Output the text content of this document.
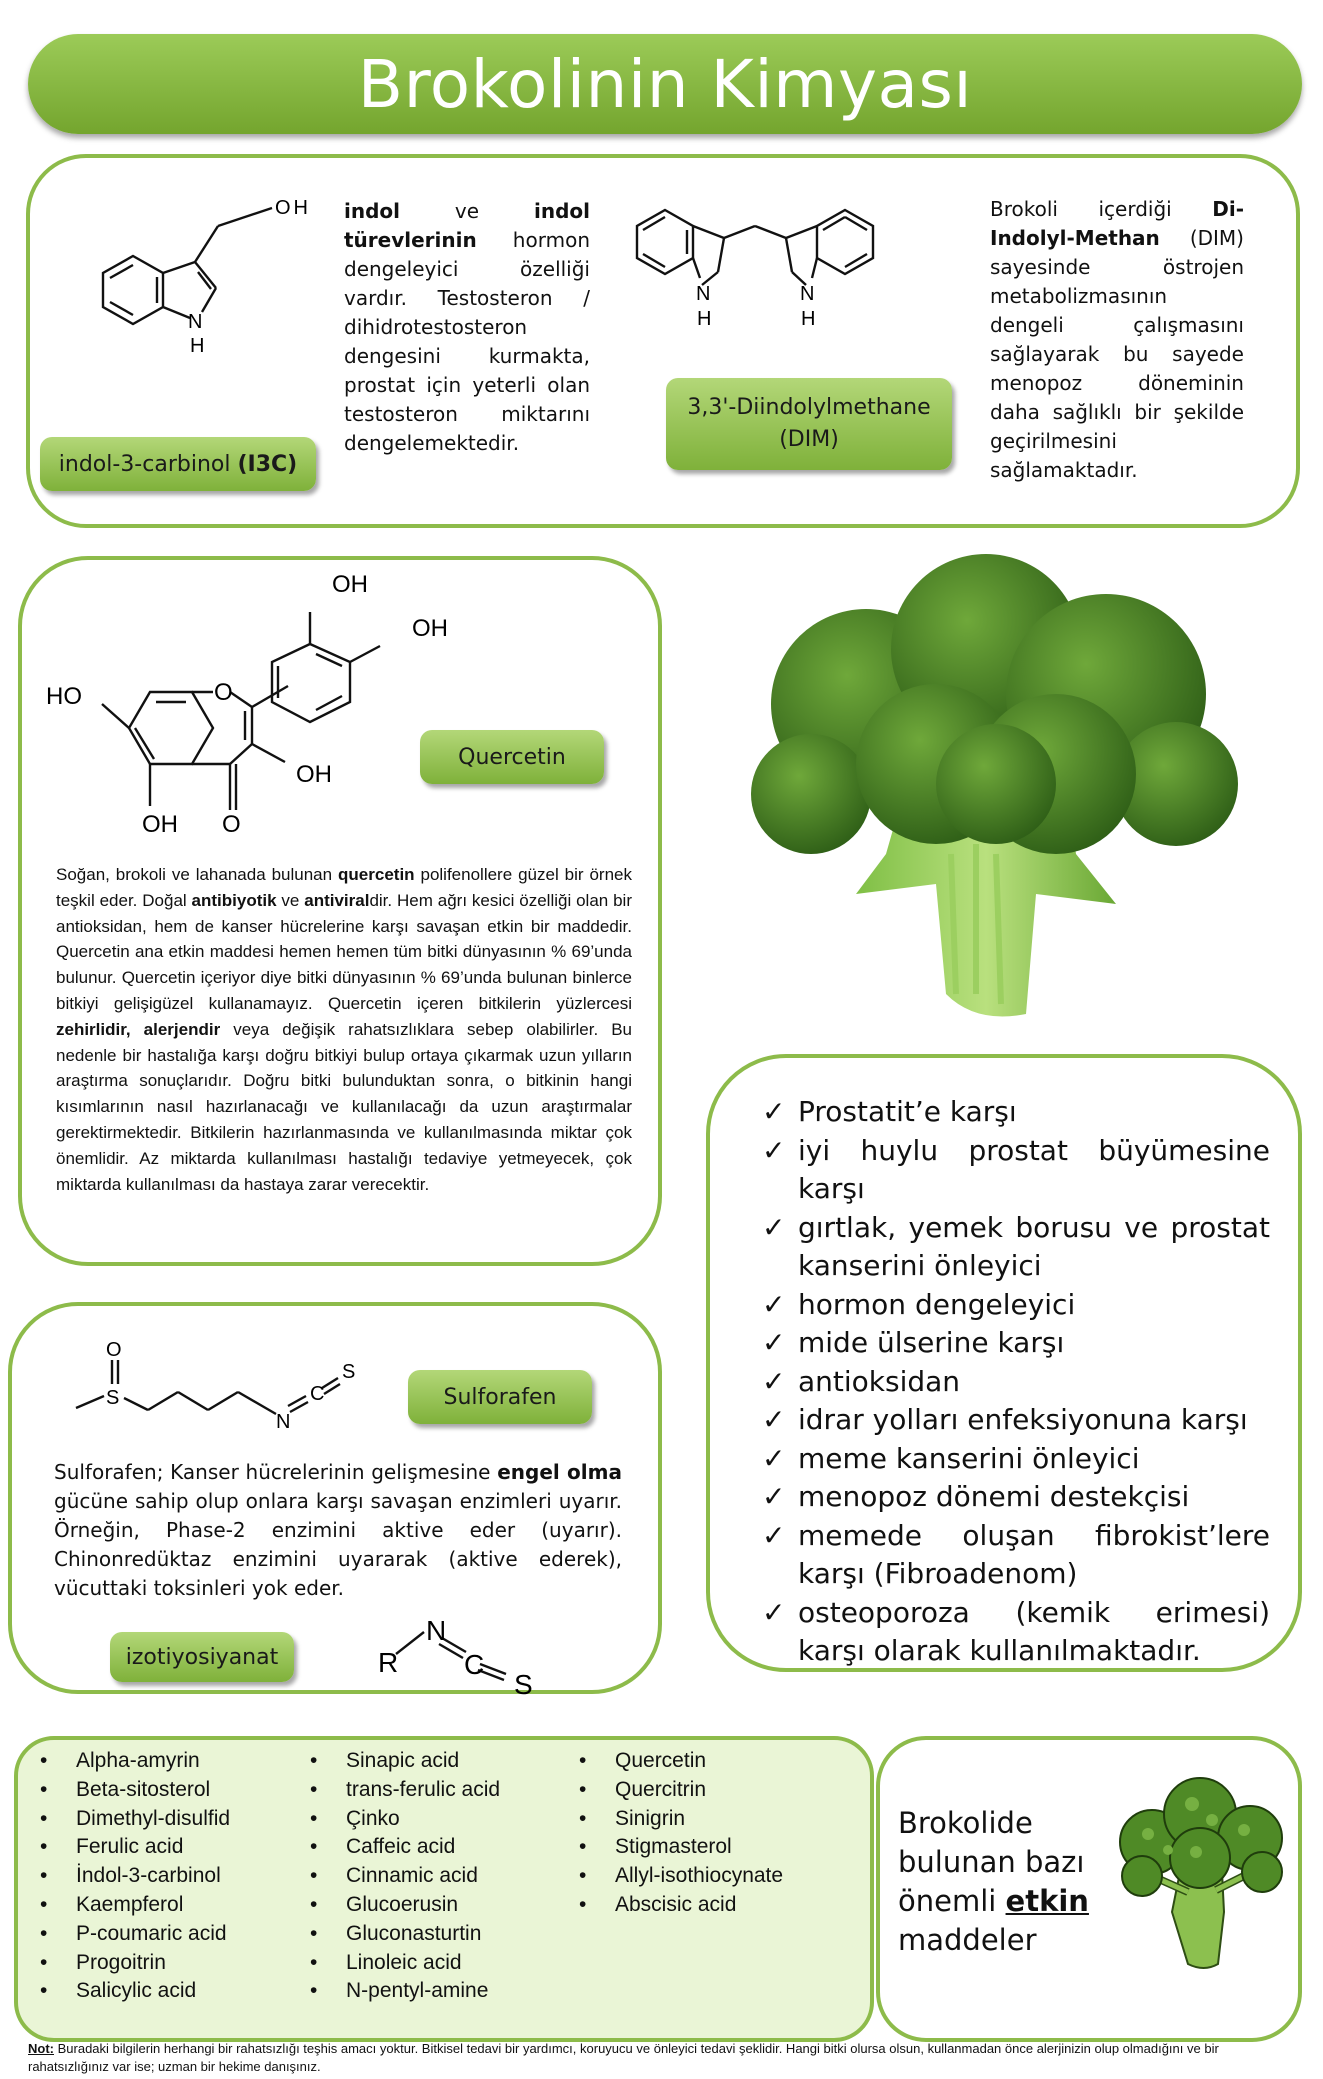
Brokolinin Kimyası
OH
N
H
indol-3-carbinol (I3C)
indol ve indol türevlerinin hormon dengeleyici özelliği vardır. Testosteron / dihidrotestosteron dengesini kurmakta, prostat için yeterli olan testosteron miktarını dengelemektedir.
N
H
N
H
3,3'-Diindolylmethane
(DIM)
Brokoli içerdiği Di-Indolyl-Methan (DIM) sayesinde östrojen metabolizmasının dengeli çalışmasını sağlayarak bu sayede menopoz döneminin daha sağlıklı bir şekilde geçirilmesini sağlamaktadır.
OH
OH
HO	O
OH
OH O
Quercetin
Soğan, brokoli ve lahanada bulunan quercetin polifenollere güzel bir örnek teşkil eder. Doğal antibiyotik ve antiviraldir. Hem ağrı kesici özelliği olan bir antioksidan, hem de kanser hücrelerine karşı savaşan etkin bir maddedir. Quercetin ana etkin maddesi hemen hemen tüm bitki dünyasının % 69’unda bulunur. Quercetin içeriyor diye bitki dünyasının % 69’unda bulunan binlerce bitkiyi gelişigüzel kullanamayız. Quercetin içeren bitkilerin yüzlercesi zehirlidir, alerjendir veya değişik rahatsızlıklara sebep olabilirler. Bu nedenle bir hastalığa karşı doğru bitkiyi bulup ortaya çıkarmak uzun yılların araştırma sonuçlarıdır. Doğru bitki bulunduktan sonra, o bitkinin hangi kısımlarının nasıl hazırlanacağı ve kullanılacağı da uzun araştırmalar gerektirmektedir. Bitkilerin hazırlanmasında ve kullanılmasında miktar çok önemlidir. Az miktarda kullanılması hastalığı tedaviye yetmeyecek, çok miktarda kullanılması da hastaya zarar verecektir.
✓ Prostatit’e karşı
✓ iyi huylu prostat büyümesine karşı
✓ gırtlak, yemek borusu ve prostat kanserini önleyici
✓ hormon dengeleyici
✓ mide ülserine karşı
✓ antioksidan
✓ idrar yolları enfeksiyonuna karşı
✓ meme kanserini önleyici
✓ menopoz dönemi destekçisi
✓ memede oluşan fibrokist’lere karşı (Fibroadenom)
✓ osteoporoza (kemik erimesi) karşı olarak kullanılmaktadır.
O
S
N
C
S
Sulforafen
Sulforafen; Kanser hücrelerinin gelişmesine engel olma gücüne sahip olup onlara karşı savaşan enzimleri uyarır. Örneğin, Phase-2 enzimini aktive eder (uyarır). Chinonredüktaz enzimini uyararak (aktive ederek), vücuttaki toksinleri yok eder.
izotiyosiyanat	R
N
C
S
• Alpha-amyrin
• Beta-sitosterol
• Dimethyl-disulfid
• Ferulic acid
• İndol-3-carbinol
• Kaempferol
• P-coumaric acid
• Progoitrin
• Salicylic acid
• Sinapic acid
• trans-ferulic acid
• Çinko
• Caffeic acid
• Cinnamic acid
• Glucoerusin
• Gluconasturtin
• Linoleic acid
• N-pentyl-amine
• Quercetin
• Quercitrin
• Sinigrin
• Stigmasterol
• Allyl-isothiocynate
• Abscisic acid
Brokolide
bulunan bazı
önemli etkin
maddeler
Not: Buradaki bilgilerin herhangi bir rahatsızlığı teşhis amacı yoktur. Bitkisel tedavi bir yardımcı, koruyucu ve önleyici tedavi şeklidir. Hangi bitki olursa olsun, kullanmadan önce alerjinizin olup olmadığını ve bir rahatsızlığınız var ise; uzman bir hekime danışınız.
